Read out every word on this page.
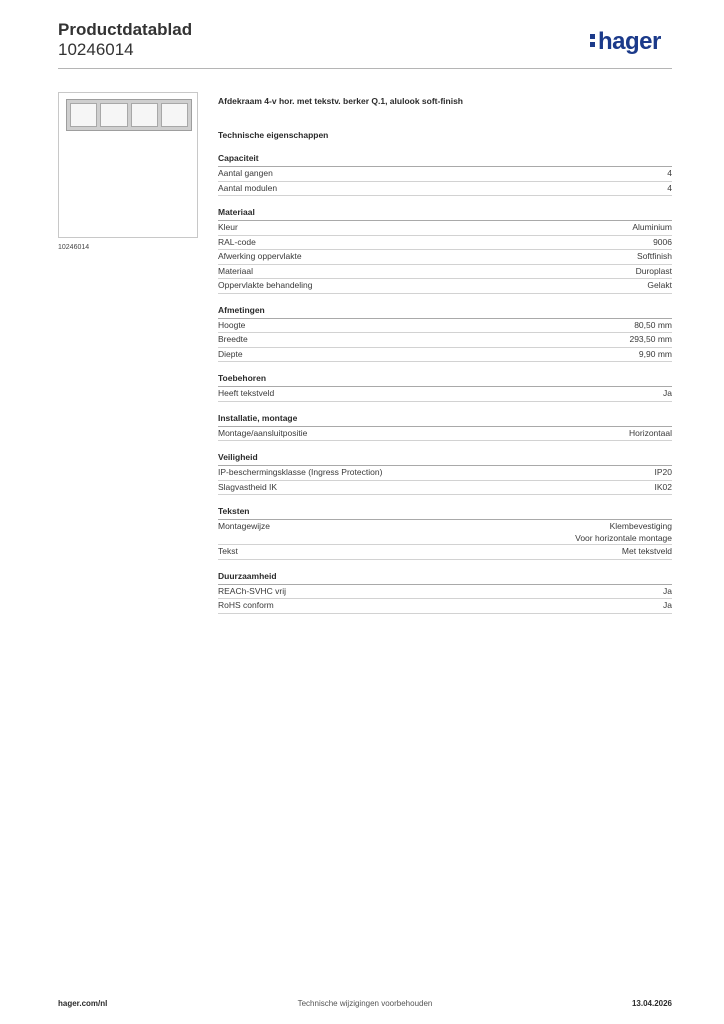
Productdatablad
10246014	hager
10246014
Afdekraam 4-v hor. met tekstv. berker Q.1, alulook soft-finish
Technische eigenschappen
Capaciteit
Aantal gangen	4
Aantal modulen	4
Materiaal
Kleur	Aluminium
RAL-code	9006
Afwerking oppervlakte	Softfinish
Materiaal	Duroplast
Oppervlakte behandeling	Gelakt
Afmetingen
Hoogte	80,50 mm
Breedte	293,50 mm
Diepte	9,90 mm
Toebehoren
Heeft tekstveld	Ja
Installatie, montage
Montage/aansluitpositie	Horizontaal
Veiligheid
IP-beschermingsklasse (Ingress Protection)	IP20
Slagvastheid IK	IK02
Teksten
Montagewijze	Klembevestiging
Voor horizontale montage
Tekst	Met tekstveld
Duurzaamheid
REACh-SVHC vrij	Ja
RoHS conform	Ja
Technische wijzigingen voorbehouden
hager.com/nl	13.04.2026
